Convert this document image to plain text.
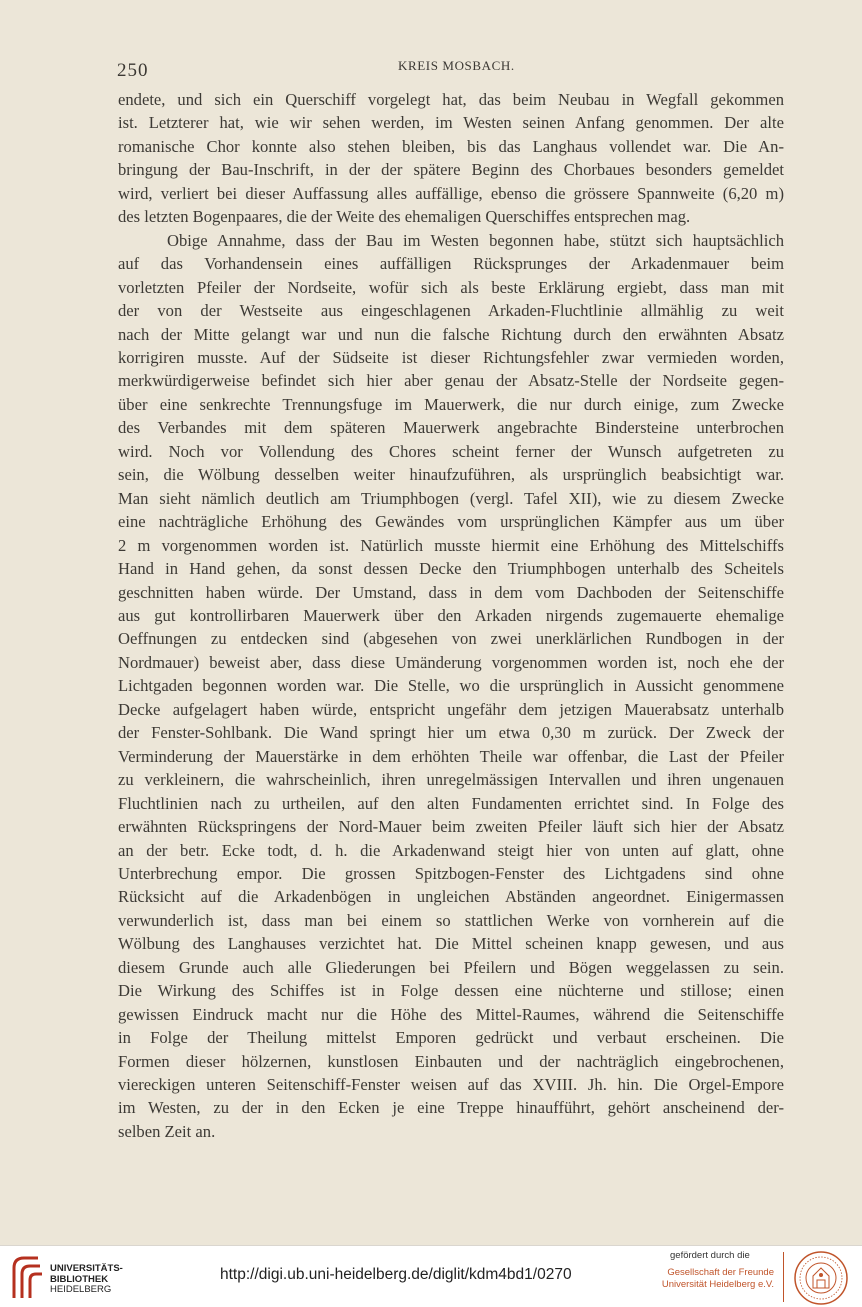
250	KREIS MOSBACH.
endete, und sich ein Querschiff vorgelegt hat, das beim Neubau in Wegfall gekommen
ist. Letzterer hat, wie wir sehen werden, im Westen seinen Anfang genommen. Der alte
romanische Chor konnte also stehen bleiben, bis das Langhaus vollendet war. Die An-
bringung der Bau-Inschrift, in der der spätere Beginn des Chorbaues besonders gemeldet
wird, verliert bei dieser Auffassung alles auffällige, ebenso die grössere Spannweite (6,20 m)
des letzten Bogenpaares, die der Weite des ehemaligen Querschiffes entsprechen mag.
Obige Annahme, dass der Bau im Westen begonnen habe, stützt sich hauptsächlich
auf das Vorhandensein eines auffälligen Rücksprunges der Arkadenmauer beim
vorletzten Pfeiler der Nordseite, wofür sich als beste Erklärung ergiebt, dass man mit
der von der Westseite aus eingeschlagenen Arkaden-Fluchtlinie allmählig zu weit
nach der Mitte gelangt war und nun die falsche Richtung durch den erwähnten Absatz
korrigiren musste. Auf der Südseite ist dieser Richtungsfehler zwar vermieden worden,
merkwürdigerweise befindet sich hier aber genau der Absatz-Stelle der Nordseite gegen-
über eine senkrechte Trennungsfuge im Mauerwerk, die nur durch einige, zum Zwecke
des Verbandes mit dem späteren Mauerwerk angebrachte Bindersteine unterbrochen
wird. Noch vor Vollendung des Chores scheint ferner der Wunsch aufgetreten zu
sein, die Wölbung desselben weiter hinaufzuführen, als ursprünglich beabsichtigt war.
Man sieht nämlich deutlich am Triumphbogen (vergl. Tafel XII), wie zu diesem Zwecke
eine nachträgliche Erhöhung des Gewändes vom ursprünglichen Kämpfer aus um über
2 m vorgenommen worden ist. Natürlich musste hiermit eine Erhöhung des Mittelschiffs
Hand in Hand gehen, da sonst dessen Decke den Triumphbogen unterhalb des Scheitels
geschnitten haben würde. Der Umstand, dass in dem vom Dachboden der Seitenschiffe
aus gut kontrollirbaren Mauerwerk über den Arkaden nirgends zugemauerte ehemalige
Oeffnungen zu entdecken sind (abgesehen von zwei unerklärlichen Rundbogen in der
Nordmauer) beweist aber, dass diese Umänderung vorgenommen worden ist, noch ehe der
Lichtgaden begonnen worden war. Die Stelle, wo die ursprünglich in Aussicht genommene
Decke aufgelagert haben würde, entspricht ungefähr dem jetzigen Mauerabsatz unterhalb
der Fenster-Sohlbank. Die Wand springt hier um etwa 0,30 m zurück. Der Zweck der
Verminderung der Mauerstärke in dem erhöhten Theile war offenbar, die Last der Pfeiler
zu verkleinern, die wahrscheinlich, ihren unregelmässigen Intervallen und ihren ungenauen
Fluchtlinien nach zu urtheilen, auf den alten Fundamenten errichtet sind. In Folge des
erwähnten Rückspringens der Nord-Mauer beim zweiten Pfeiler läuft sich hier der Absatz
an der betr. Ecke todt, d. h. die Arkadenwand steigt hier von unten auf glatt, ohne
Unterbrechung empor. Die grossen Spitzbogen-Fenster des Lichtgadens sind ohne
Rücksicht auf die Arkadenbögen in ungleichen Abständen angeordnet. Einigermassen
verwunderlich ist, dass man bei einem so stattlichen Werke von vornherein auf die
Wölbung des Langhauses verzichtet hat. Die Mittel scheinen knapp gewesen, und aus
diesem Grunde auch alle Gliederungen bei Pfeilern und Bögen weggelassen zu sein.
Die Wirkung des Schiffes ist in Folge dessen eine nüchterne und stillose; einen
gewissen Eindruck macht nur die Höhe des Mittel-Raumes, während die Seitenschiffe
in Folge der Theilung mittelst Emporen gedrückt und verbaut erscheinen. Die
Formen dieser hölzernen, kunstlosen Einbauten und der nachträglich eingebrochenen,
viereckigen unteren Seitenschiff-Fenster weisen auf das XVIII. Jh. hin. Die Orgel-Empore
im Westen, zu der in den Ecken je eine Treppe hinaufführt, gehört anscheinend der-
selben Zeit an.
UNIVERSITÄTS-
BIBLIOTHEK
HEIDELBERG
http://digi.ub.uni-heidelberg.de/diglit/kdm4bd1/0270
gefördert durch die
Gesellschaft der Freunde
Universität Heidelberg e.V.
